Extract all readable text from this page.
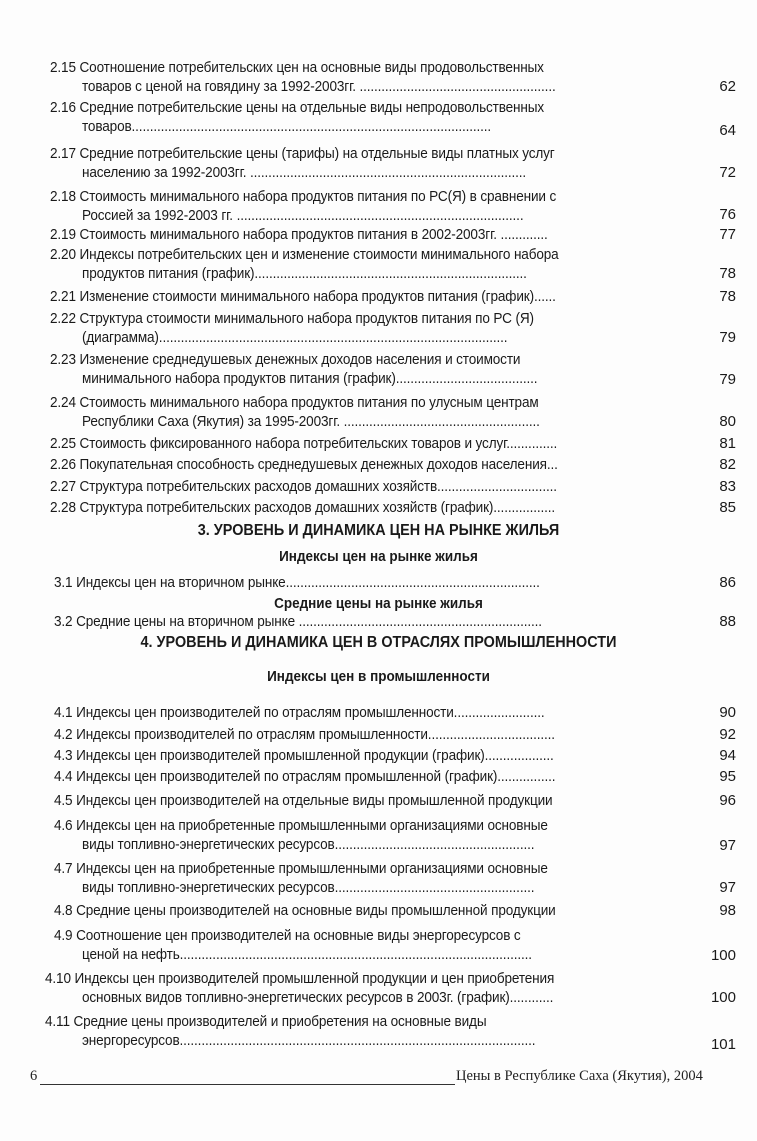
2.15 Соотношение потребительских цен на основные виды продовольственных
товаров с ценой на говядину за 1992-2003гг. ......................................................	62
2.16 Средние потребительские цены на отдельные виды непродовольственных
товаров...................................................................................................	64
2.17 Средние потребительские цены (тарифы) на отдельные виды платных услуг
населению за 1992-2003гг. ............................................................................	72
2.18 Стоимость минимального набора продуктов питания по РС(Я) в сравнении с
Россией за 1992-2003 гг. ...............................................................................	76
2.19 Стоимость минимального набора продуктов питания в 2002-2003гг. .............	77
2.20 Индексы потребительских цен и изменение стоимости минимального набора
продуктов питания (график)...........................................................................	78
2.21 Изменение стоимости минимального набора продуктов питания (график)......	78
2.22 Структура стоимости минимального набора продуктов питания по РС (Я)
(диаграмма)................................................................................................	79
2.23 Изменение среднедушевых денежных доходов населения и стоимости
минимального набора продуктов питания (график).......................................	79
2.24 Стоимость минимального набора продуктов питания по улусным центрам
Республики Саха (Якутия) за 1995-2003гг. ......................................................	80
2.25 Стоимость фиксированного набора потребительских товаров и услуг..............	81
2.26 Покупательная способность среднедушевых денежных доходов населения...	82
2.27 Структура потребительских расходов домашних хозяйств.................................	83
2.28 Структура потребительских расходов домашних хозяйств (график).................	85
3.1 Индексы цен на вторичном рынке......................................................................	86
3.2 Средние цены на вторичном рынке ...................................................................	88
4.1 Индексы цен производителей по отраслям промышленности.........................	90
4.2 Индексы производителей по отраслям промышленности...................................	92
4.3 Индексы цен производителей промышленной продукции (график)...................	94
4.4 Индексы цен производителей по отраслям промышленной (график)................	95
4.5 Индексы цен производителей на отдельные виды промышленной продукции	96
4.6 Индексы цен на приобретенные промышленными организациями основные
виды топливно-энергетических ресурсов.......................................................	97
4.7 Индексы цен на приобретенные промышленными организациями основные
виды топливно-энергетических ресурсов.......................................................	97
4.8 Средние цены производителей на основные виды промышленной продукции	98
4.9 Соотношение цен производителей на основные виды энергоресурсов с
ценой на нефть.................................................................................................	100
4.10 Индексы цен производителей промышленной продукции и цен приобретения
основных видов топливно-энергетических ресурсов в 2003г. (график)............	100
4.11 Средние цены производителей и приобретения на основные виды
энергоресурсов..................................................................................................	101
3. УРОВЕНЬ И ДИНАМИКА ЦЕН НА РЫНКЕ ЖИЛЬЯ
Индексы цен на рынке жилья
Средние цены на рынке жилья
4. УРОВЕНЬ И ДИНАМИКА ЦЕН В ОТРАСЛЯХ ПРОМЫШЛЕННОСТИ
Индексы цен в промышленности
6	Цены в Республике Саха (Якутия), 2004
